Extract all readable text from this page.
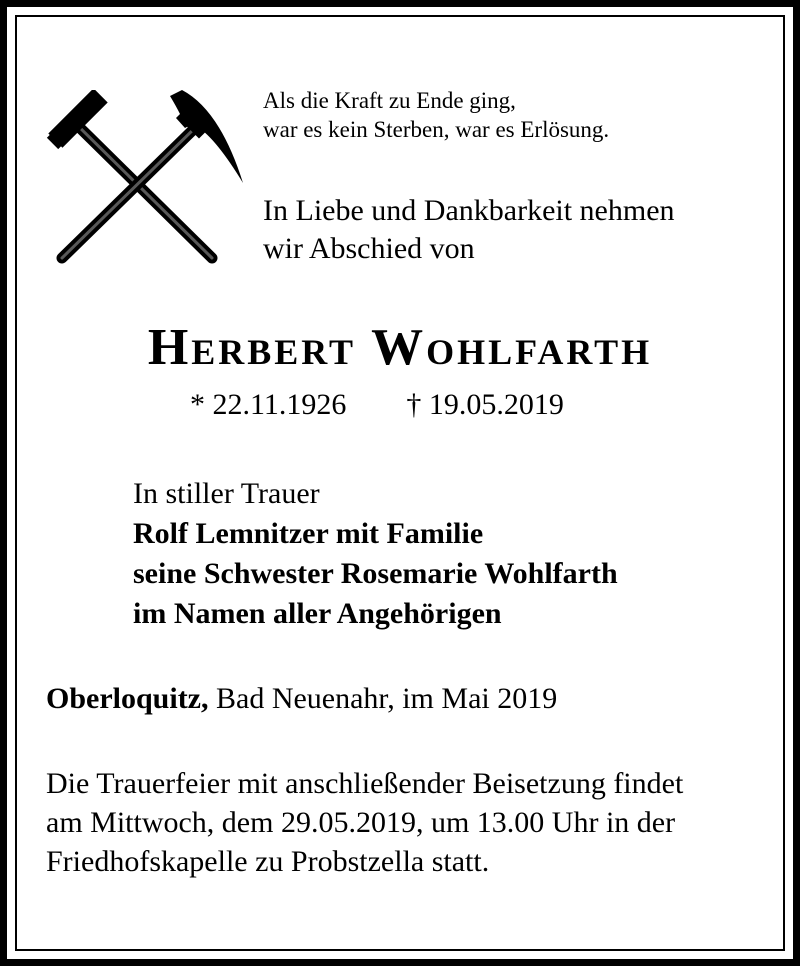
Als die Kraft zu Ende ging,
war es kein Sterben, war es Erlösung.
In Liebe und Dankbarkeit nehmen
wir Abschied von
Herbert Wohlfarth
* 22.11.1926 † 19.05.2019
In stiller Trauer
Rolf Lemnitzer mit Familie
seine Schwester Rosemarie Wohlfarth
im Namen aller Angehörigen
Oberloquitz, Bad Neuenahr, im Mai 2019
Die Trauerfeier mit anschließender Beisetzung findet
am Mittwoch, dem 29.05.2019, um 13.00 Uhr in der
Friedhofskapelle zu Probstzella statt.
